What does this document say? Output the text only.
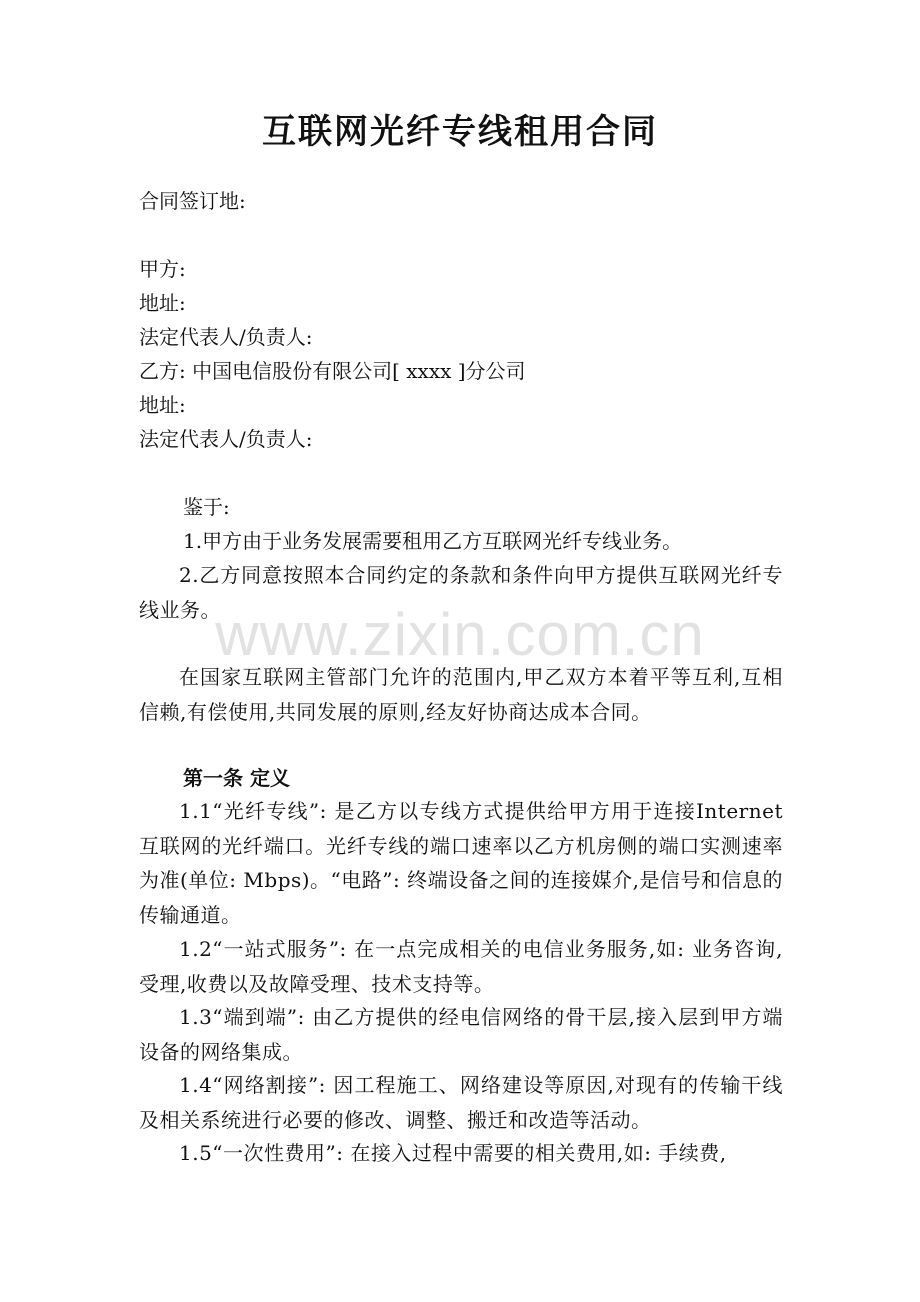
互联网光纤专线租用合同
合同签订地:
甲方:
地址:
法定代表人/负责人:
乙方: 中国电信股份有限公司[ xxxx ]分公司
地址:
法定代表人/负责人:
鉴于:
1.甲方由于业务发展需要租用乙方互联网光纤专线业务。
2.乙方同意按照本合同约定的条款和条件向甲方提供互联网光纤专线业务。
www.zixin.com.cn
在国家互联网主管部门允许的范围内,甲乙双方本着平等互利,互相信赖,有偿使用,共同发展的原则,经友好协商达成本合同。
第一条 定义
1.1“光纤专线”: 是乙方以专线方式提供给甲方用于连接Internet互联网的光纤端口。光纤专线的端口速率以乙方机房侧的端口实测速率为准(单位: Mbps)。“电路”: 终端设备之间的连接媒介,是信号和信息的传输通道。
1.2“一站式服务”: 在一点完成相关的电信业务服务,如: 业务咨询,受理,收费以及故障受理、技术支持等。
1.3“端到端”: 由乙方提供的经电信网络的骨干层,接入层到甲方端设备的网络集成。
1.4“网络割接”: 因工程施工、网络建设等原因,对现有的传输干线及相关系统进行必要的修改、调整、搬迁和改造等活动。
1.5“一次性费用”: 在接入过程中需要的相关费用,如: 手续费,
